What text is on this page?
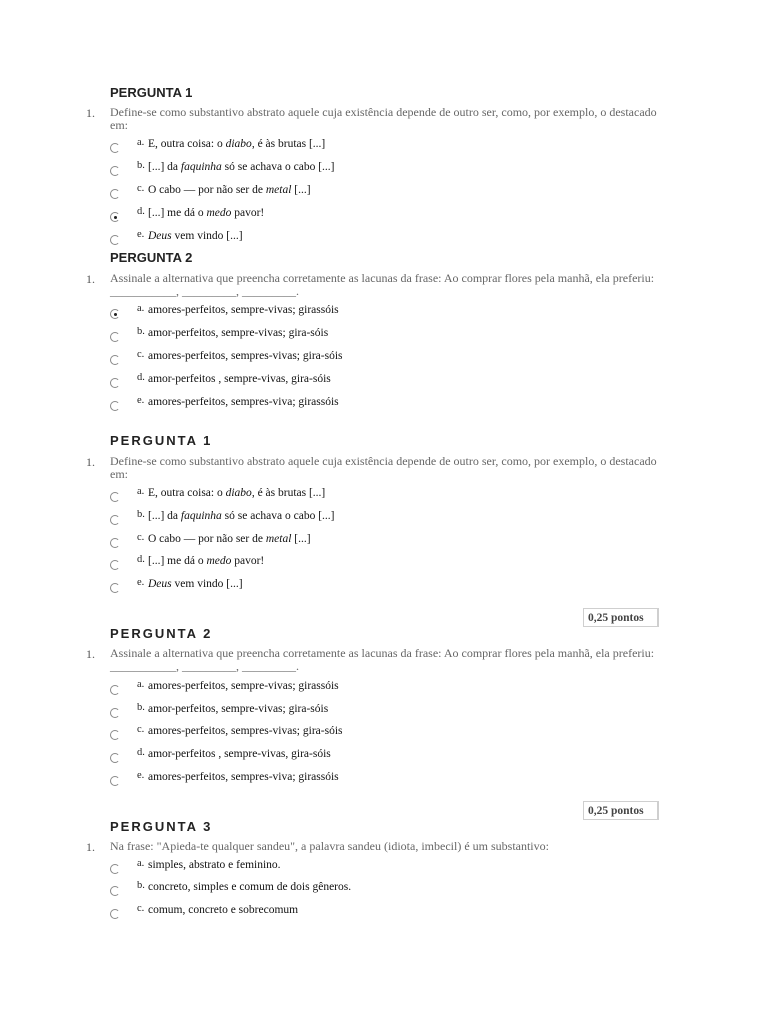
PERGUNTA 1
1. Define-se como substantivo abstrato aquele cuja existência depende de outro ser, como, por exemplo, o destacado em:
a. E, outra coisa: o diabo, é às brutas [...]
b. [...] da faquinha só se achava o cabo [...]
c. O cabo — por não ser de metal [...]
d. [...] me dá o medo pavor!
e. Deus vem vindo [...]
PERGUNTA 2
1. Assinale a alternativa que preencha corretamente as lacunas da frase: Ao comprar flores pela manhã, ela preferiu: ___________, _________, _________.
a. amores-perfeitos, sempre-vivas; girassóis
b. amor-perfeitos, sempre-vivas; gira-sóis
c. amores-perfeitos, sempres-vivas; gira-sóis
d. amor-perfeitos , sempre-vivas, gira-sóis
e. amores-perfeitos, sempres-viva; girassóis
PERGUNTA 1
1. Define-se como substantivo abstrato aquele cuja existência depende de outro ser, como, por exemplo, o destacado em:
a. E, outra coisa: o diabo, é às brutas [...]
b. [...] da faquinha só se achava o cabo [...]
c. O cabo — por não ser de metal [...]
d. [...] me dá o medo pavor!
e. Deus vem vindo [...]
0,25 pontos
PERGUNTA 2
1. Assinale a alternativa que preencha corretamente as lacunas da frase: Ao comprar flores pela manhã, ela preferiu: ___________, _________, _________.
a. amores-perfeitos, sempre-vivas; girassóis
b. amor-perfeitos, sempre-vivas; gira-sóis
c. amores-perfeitos, sempres-vivas; gira-sóis
d. amor-perfeitos , sempre-vivas, gira-sóis
e. amores-perfeitos, sempres-viva; girassóis
0,25 pontos
PERGUNTA 3
1. Na frase: "Apieda-te qualquer sandeu", a palavra sandeu (idiota, imbecil) é um substantivo:
a. simples, abstrato e feminino.
b. concreto, simples e comum de dois gêneros.
c. comum, concreto e sobrecomum
